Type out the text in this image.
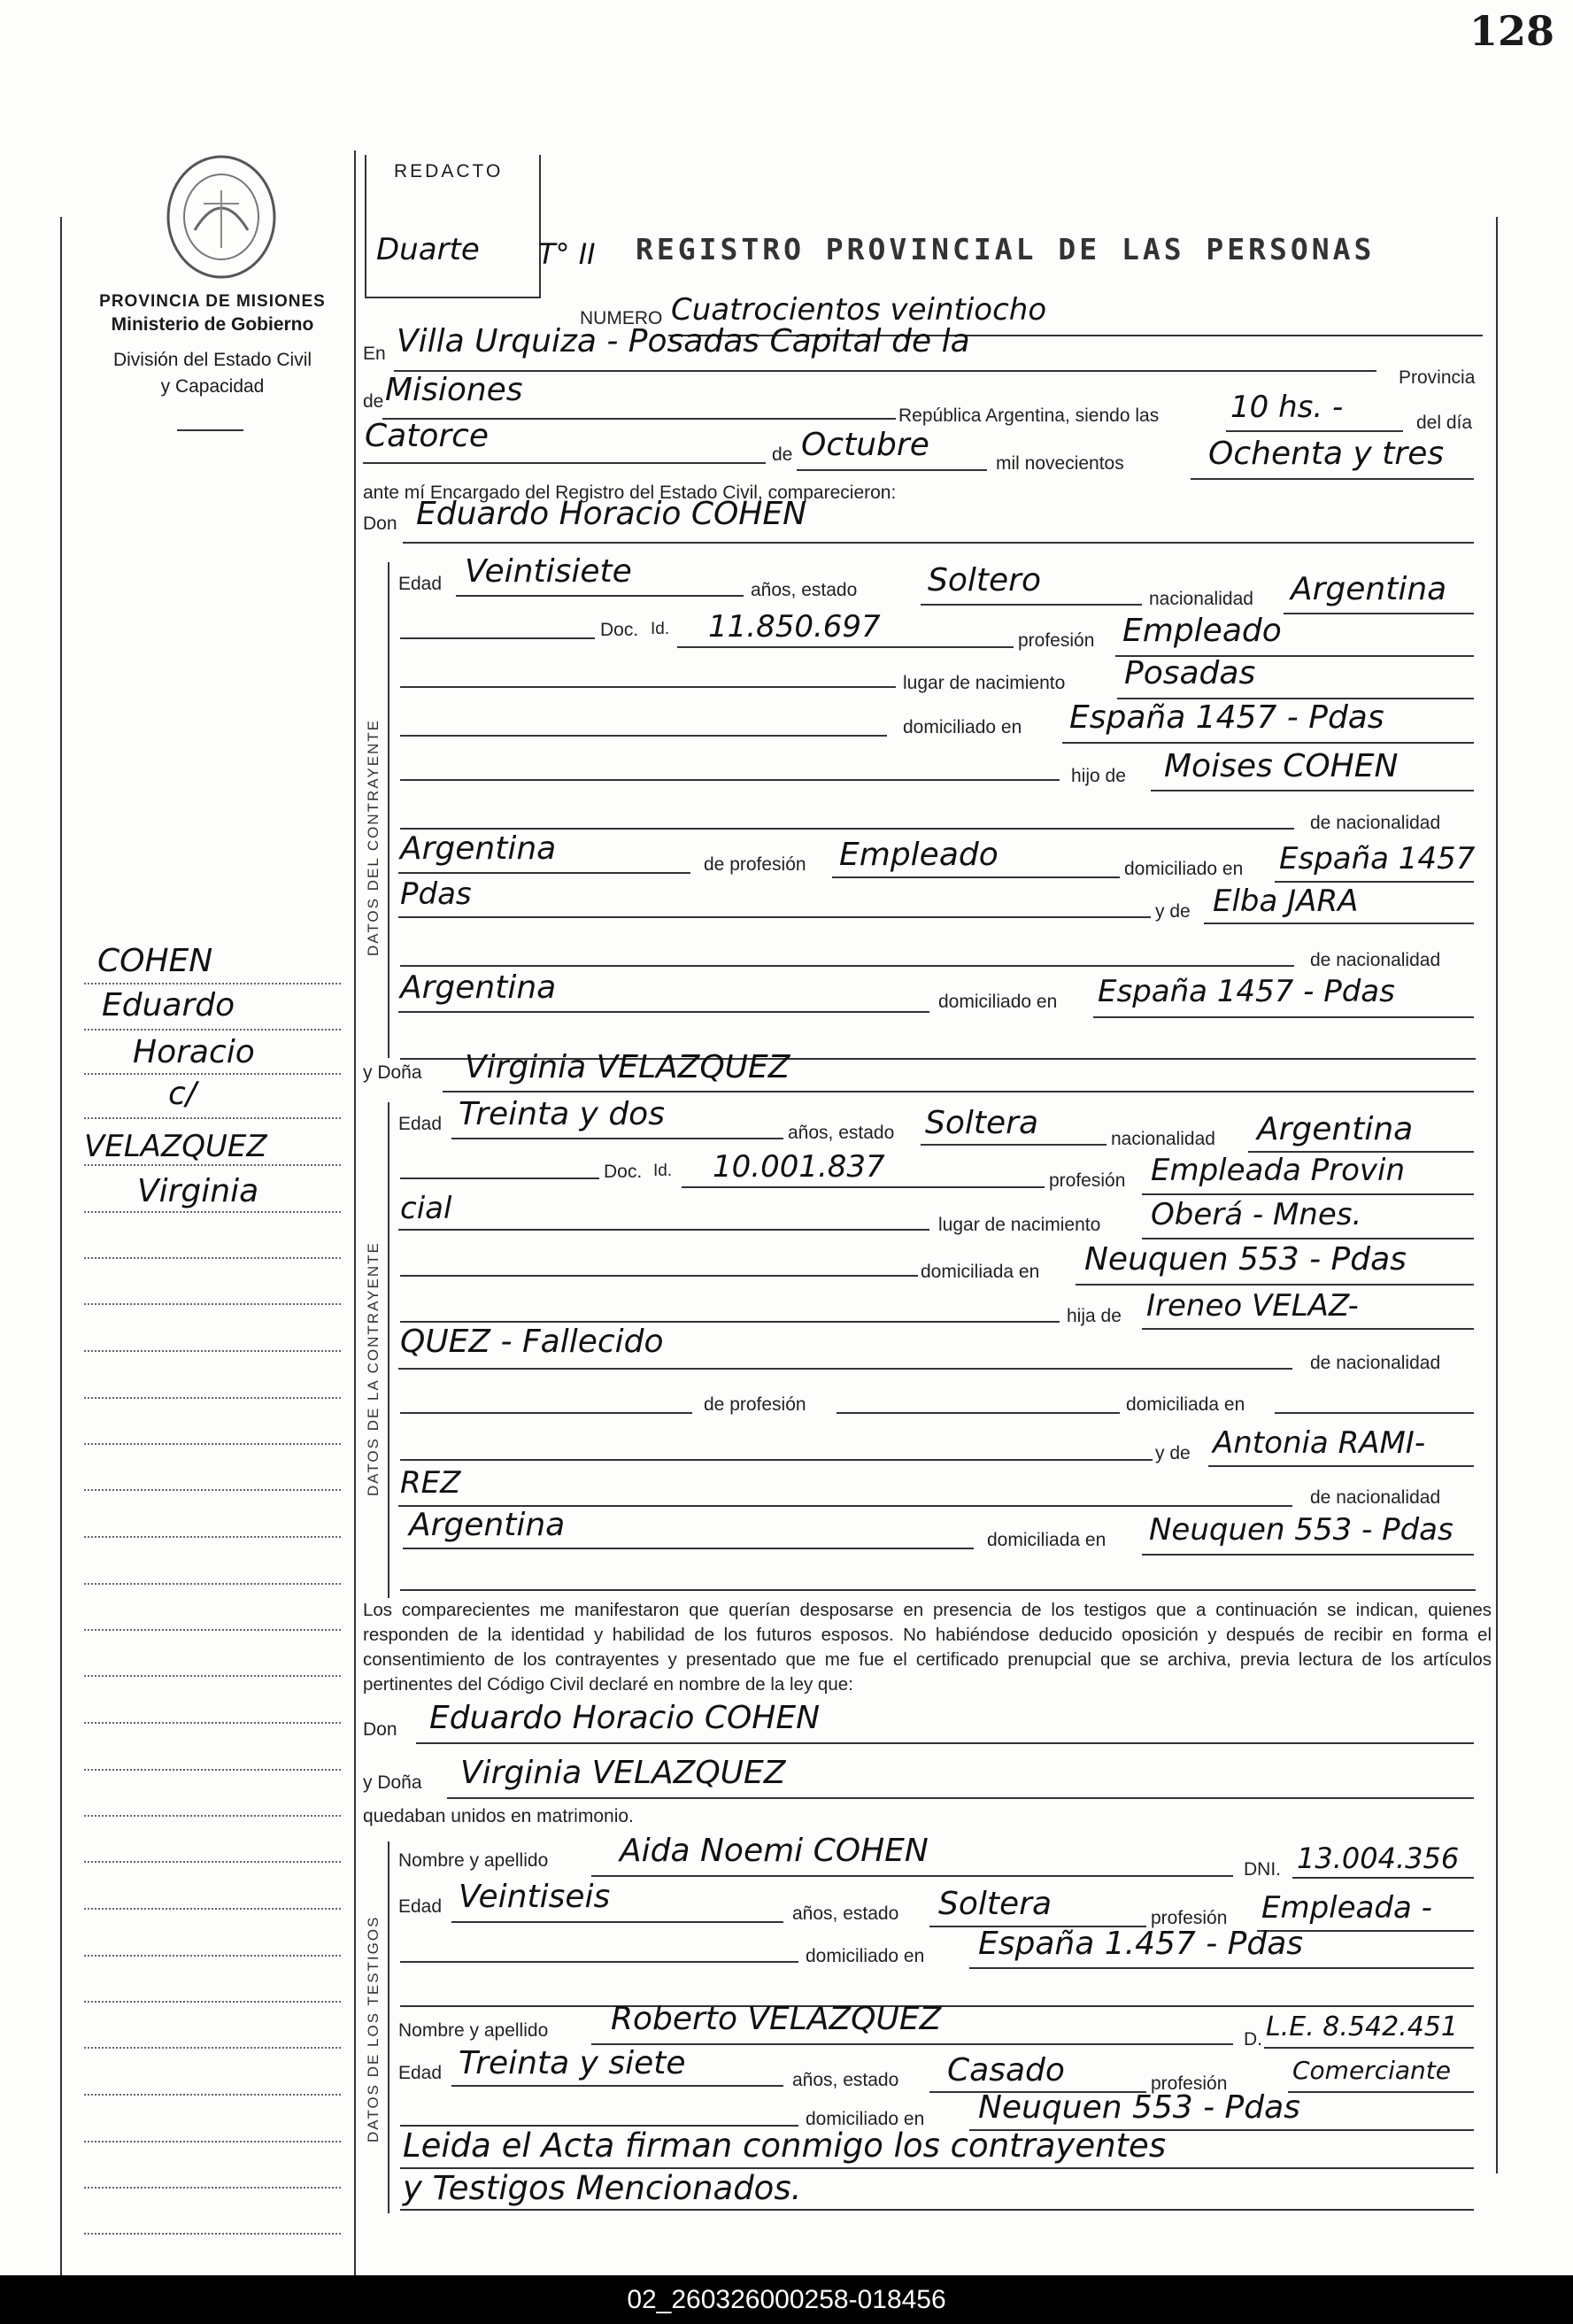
128
PROVINCIA DE MISIONES
Ministerio de Gobierno
División del Estado Civil
y Capacidad
COHEN
Eduardo
Horacio
c/
VELAZQUEZ
Virginia
REDACTO
Duarte T° II REGISTRO PROVINCIAL DE LAS PERSONAS
NUMERO Cuatrocientos veintiocho
En Villa Urquiza - Posadas Capital de la
Provincia
de Misiones
República Argentina, siendo las 10 hs. -	del día
Catorce
de Octubre
mil novecientos	Ochenta y tres
ante mí Encargado del Registro del Estado Civil, comparecieron:
Don Eduardo Horacio COHEN
DATOS DEL CONTRAYENTE
Edad Veintisiete
años, estado Soltero
nacionalidad Argentina
Doc. Id. 11.850.697	profesión Empleado
lugar de nacimiento Posadas
domiciliado en España 1457 - Pdas
hijo de Moises COHEN
de nacionalidad
Argentina	de profesión Empleado	domiciliado en España 1457
Pdas	y de Elba JARA
de nacionalidad
Argentina	domiciliado en España 1457 - Pdas
y Doña Virginia VELAZQUEZ
DATOS DE LA CONTRAYENTE
Edad Treinta y dos
años, estado Soltera	nacionalidad Argentina
Doc. Id. 10.001.837	profesión Empleada Provin
cial	lugar de nacimiento Oberá - Mnes.
domiciliada en Neuquen 553 - Pdas
hija de Ireneo VELAZ-
QUEZ - Fallecido
de nacionalidad
de profesión	domiciliada en
y de Antonia RAMI-
REZ	de nacionalidad
Argentina	domiciliada en Neuquen 553 - Pdas
Los comparecientes me manifestaron que querían desposarse en presencia de los testigos que a continuación se indican, quienes responden de la identidad y habilidad de los futuros esposos. No habiéndose deducido oposición y después de recibir en forma el consentimiento de los contrayentes y presentado que me fue el certificado prenupcial que se archiva, previa lectura de los artículos pertinentes del Código Civil declaré en nombre de la ley que:
Don Eduardo Horacio COHEN
y Doña Virginia VELAZQUEZ
quedaban unidos en matrimonio.
DATOS DE LOS TESTIGOS
Nombre y apellido Aida Noemi COHEN
DNI. 13.004.356
Edad Veintiseis	años, estado Soltera	profesión Empleada -
domiciliado en España 1.457 - Pdas
Nombre y apellido Roberto VELAZQUEZ
D. L.E. 8.542.451
Edad Treinta y siete	años, estado Casado	profesión	Comerciante
domiciliado en Neuquen 553 - Pdas
Leida el Acta firman conmigo los contrayentes
y Testigos Mencionados.
02_260326000258-018456
